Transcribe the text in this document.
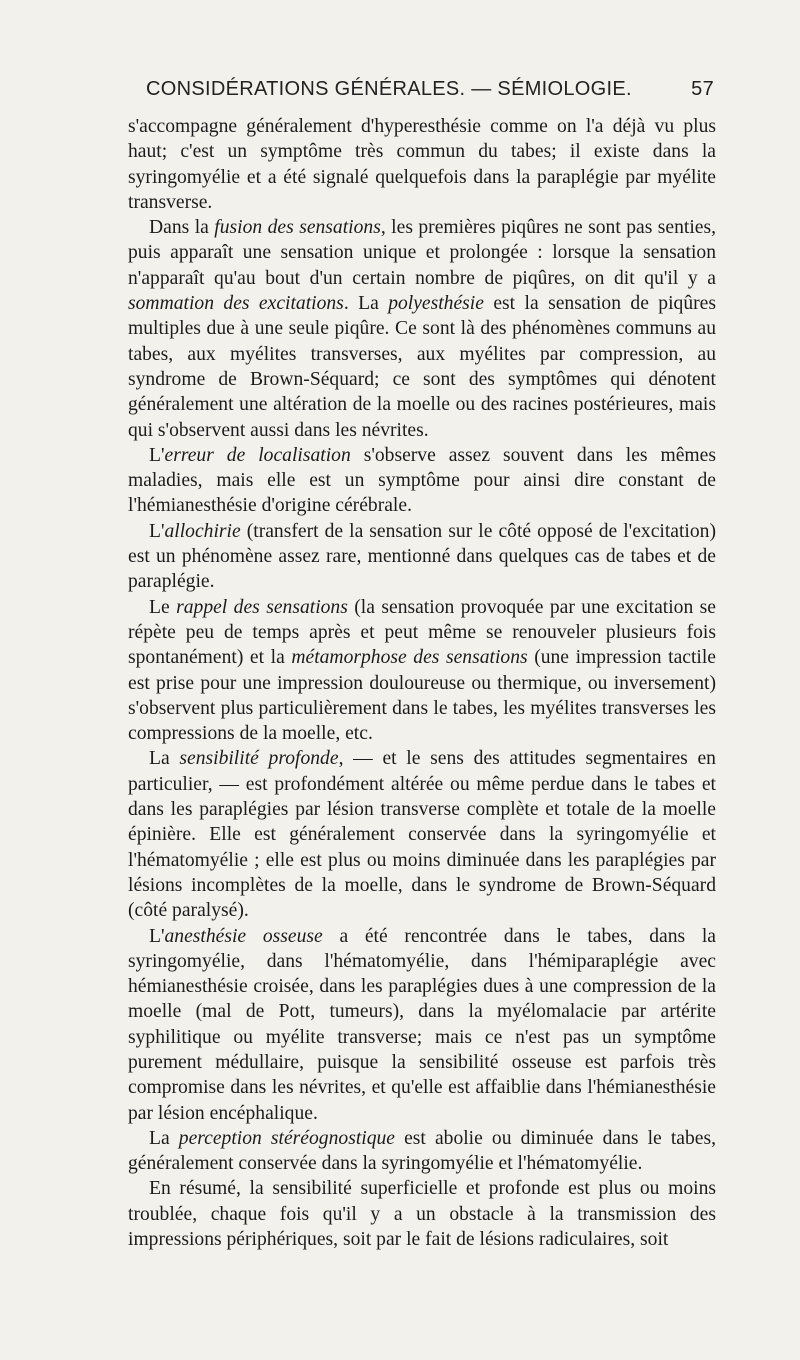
CONSIDÉRATIONS GÉNÉRALES. — SÉMIOLOGIE.	57

s'accompagne généralement d'hyperesthésie comme on l'a déjà vu plus haut; c'est un symptôme très commun du tabes; il existe dans la syringomyélie et a été signalé quelquefois dans la paraplégie par myélite transverse.

Dans la fusion des sensations, les premières piqûres ne sont pas senties, puis apparaît une sensation unique et prolongée : lorsque la sensation n'apparaît qu'au bout d'un certain nombre de piqûres, on dit qu'il y a sommation des excitations. La polyesthésie est la sensation de piqûres multiples due à une seule piqûre. Ce sont là des phénomènes communs au tabes, aux myélites transverses, aux myélites par compression, au syndrome de Brown-Séquard; ce sont des symptômes qui dénotent généralement une altération de la moelle ou des racines postérieures, mais qui s'observent aussi dans les névrites.

L'erreur de localisation s'observe assez souvent dans les mêmes maladies, mais elle est un symptôme pour ainsi dire constant de l'hémianesthésie d'origine cérébrale.

L'allochirie (transfert de la sensation sur le côté opposé de l'excitation) est un phénomène assez rare, mentionné dans quelques cas de tabes et de paraplégie.

Le rappel des sensations (la sensation provoquée par une excitation se répète peu de temps après et peut même se renouveler plusieurs fois spontanément) et la métamorphose des sensations (une impression tactile est prise pour une impression douloureuse ou thermique, ou inversement) s'observent plus particulièrement dans le tabes, les myélites transverses les compressions de la moelle, etc.

La sensibilité profonde, — et le sens des attitudes segmentaires en particulier, — est profondément altérée ou même perdue dans le tabes et dans les paraplégies par lésion transverse complète et totale de la moelle épinière. Elle est généralement conservée dans la syringomyélie et l'hématomyélie ; elle est plus ou moins diminuée dans les paraplégies par lésions incomplètes de la moelle, dans le syndrome de Brown-Séquard (côté paralysé).

L'anesthésie osseuse a été rencontrée dans le tabes, dans la syringomyélie, dans l'hématomyélie, dans l'hémiparaplégie avec hémianesthésie croisée, dans les paraplégies dues à une compression de la moelle (mal de Pott, tumeurs), dans la myélomalacie par artérite syphilitique ou myélite transverse; mais ce n'est pas un symptôme purement médullaire, puisque la sensibilité osseuse est parfois très compromise dans les névrites, et qu'elle est affaiblie dans l'hémianesthésie par lésion encéphalique.

La perception stéréognostique est abolie ou diminuée dans le tabes, généralement conservée dans la syringomyélie et l'hématomyélie.

En résumé, la sensibilité superficielle et profonde est plus ou moins troublée, chaque fois qu'il y a un obstacle à la transmission des impressions périphériques, soit par le fait de lésions radiculaires, soit
